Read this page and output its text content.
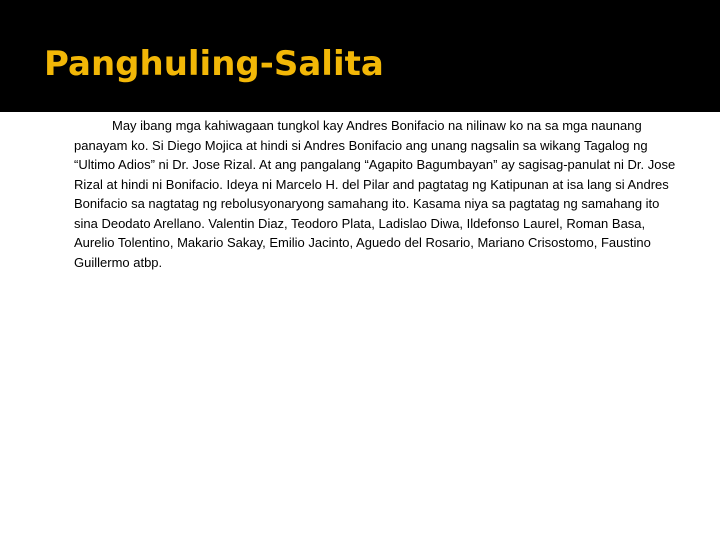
Panghuling-Salita

May ibang mga kahiwagaan tungkol kay Andres Bonifacio na nilinaw ko na sa mga naunang panayam ko. Si Diego Mojica at hindi si Andres Bonifacio ang unang nagsalin sa wikang Tagalog ng “Ultimo Adios” ni Dr. Jose Rizal. At ang pangalang “Agapito Bagumbayan” ay sagisag-panulat ni Dr. Jose Rizal at hindi ni Bonifacio. Ideya ni Marcelo H. del Pilar and pagtatag ng Katipunan at isa lang si Andres Bonifacio sa nagtatag ng rebolusyonaryong samahang ito. Kasama niya sa pagtatag ng samahang ito sina Deodato Arellano. Valentin Diaz, Teodoro Plata, Ladislao Diwa, Ildefonso Laurel, Roman Basa, Aurelio Tolentino, Makario Sakay, Emilio Jacinto, Aguedo del Rosario, Mariano Crisostomo, Faustino Guillermo atbp.
